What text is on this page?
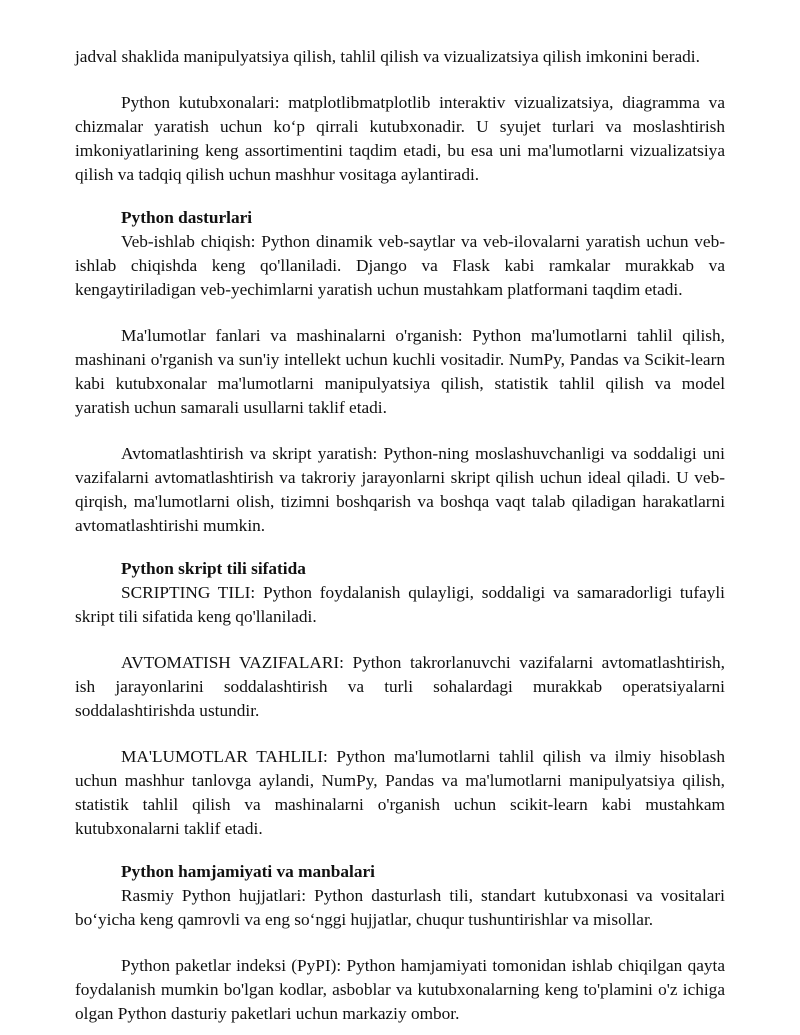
jadval shaklida manipulyatsiya qilish, tahlil qilish va vizualizatsiya qilish imkonini beradi.

Python kutubxonalari: matplotlibmatplotlib interaktiv vizualizatsiya, diagramma va chizmalar yaratish uchun ko‘p qirrali kutubxonadir. U syujet turlari va moslashtirish imkoniyatlarining keng assortimentini taqdim etadi, bu esa uni ma'lumotlarni vizualizatsiya qilish va tadqiq qilish uchun mashhur vositaga aylantiradi.

Python dasturlari

Veb-ishlab chiqish: Python dinamik veb-saytlar va veb-ilovalarni yaratish uchun veb-ishlab chiqishda keng qo'llaniladi. Django va Flask kabi ramkalar murakkab va kengaytiriladigan veb-yechimlarni yaratish uchun mustahkam platformani taqdim etadi.

Ma'lumotlar fanlari va mashinalarni o'rganish: Python ma'lumotlarni tahlil qilish, mashinani o'rganish va sun'iy intellekt uchun kuchli vositadir. NumPy, Pandas va Scikit-learn kabi kutubxonalar ma'lumotlarni manipulyatsiya qilish, statistik tahlil qilish va model yaratish uchun samarali usullarni taklif etadi.

Avtomatlashtirish va skript yaratish: Python-ning moslashuvchanligi va soddaligi uni vazifalarni avtomatlashtirish va takroriy jarayonlarni skript qilish uchun ideal qiladi. U veb-qirqish, ma'lumotlarni olish, tizimni boshqarish va boshqa vaqt talab qiladigan harakatlarni avtomatlashtirishi mumkin.

Python skript tili sifatida

SCRIPTING TILI: Python foydalanish qulayligi, soddaligi va samaradorligi tufayli skript tili sifatida keng qo'llaniladi.

AVTOMATISH VAZIFALARI: Python takrorlanuvchi vazifalarni avtomatlashtirish, ish jarayonlarini soddalashtirish va turli sohalardagi murakkab operatsiyalarni soddalashtirishda ustundir.

MA'LUMOTLAR TAHLILI: Python ma'lumotlarni tahlil qilish va ilmiy hisoblash uchun mashhur tanlovga aylandi, NumPy, Pandas va ma'lumotlarni manipulyatsiya qilish, statistik tahlil qilish va mashinalarni o'rganish uchun scikit-learn kabi mustahkam kutubxonalarni taklif etadi.

Python hamjamiyati va manbalari

Rasmiy Python hujjatlari: Python dasturlash tili, standart kutubxonasi va vositalari bo‘yicha keng qamrovli va eng so‘nggi hujjatlar, chuqur tushuntirishlar va misollar.

Python paketlar indeksi (PyPI): Python hamjamiyati tomonidan ishlab chiqilgan qayta foydalanish mumkin bo'lgan kodlar, asboblar va kutubxonalarning keng to'plamini o'z ichiga olgan Python dasturiy paketlari uchun markaziy ombor.
